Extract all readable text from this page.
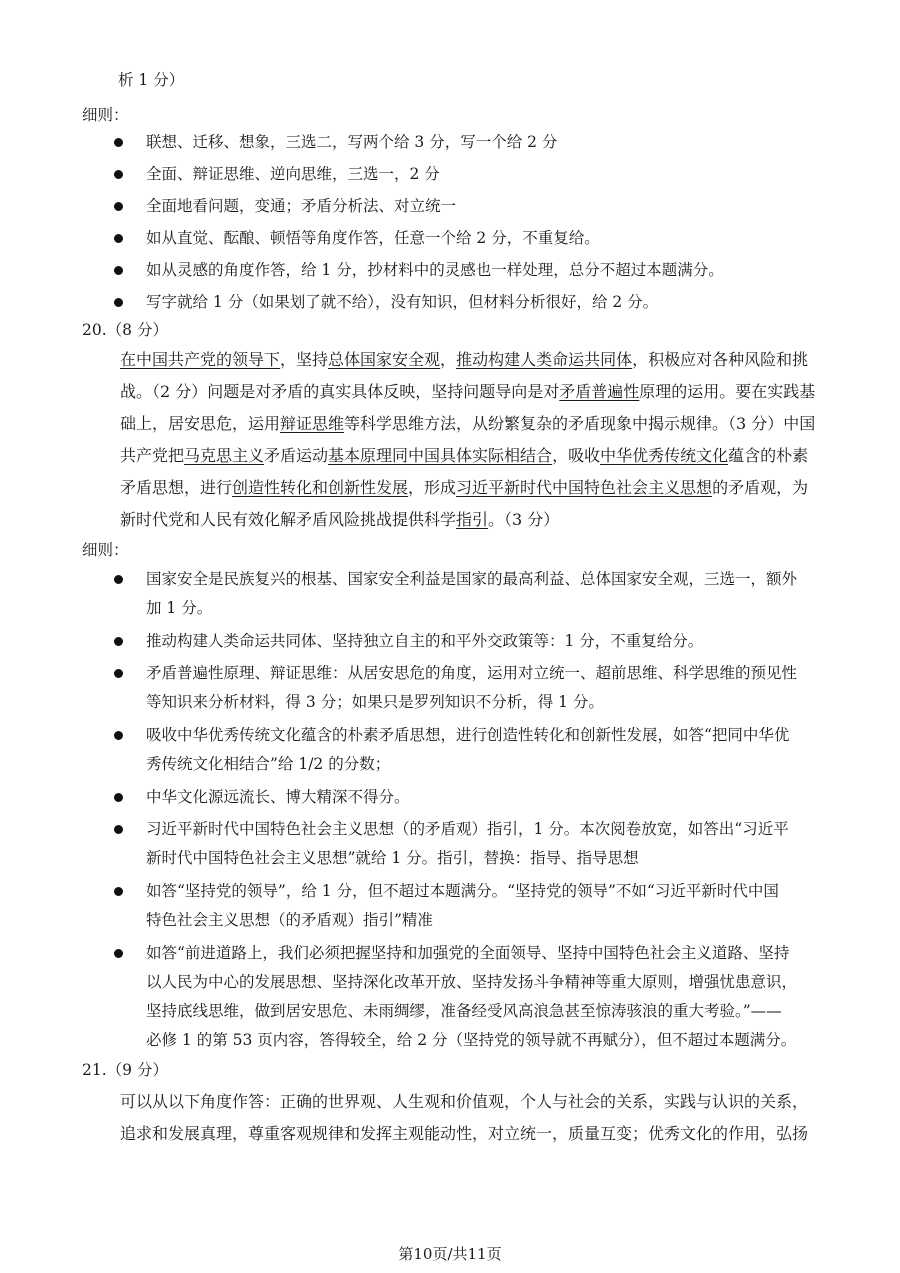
析 1 分）
细则：
联想、迁移、想象，三选二，写两个给 3 分，写一个给 2 分
全面、辩证思维、逆向思维，三选一，2 分
全面地看问题，变通；矛盾分析法、对立统一
如从直觉、酝酿、顿悟等角度作答，任意一个给 2 分，不重复给。
如从灵感的角度作答，给 1 分，抄材料中的灵感也一样处理，总分不超过本题满分。
写字就给 1 分（如果划了就不给），没有知识，但材料分析很好，给 2 分。
20.（8 分）
在中国共产党的领导下，坚持总体国家安全观，推动构建人类命运共同体，积极应对各种风险和挑
战。（2 分）问题是对矛盾的真实具体反映，坚持问题导向是对矛盾普遍性原理的运用。要在实践基
础上，居安思危，运用辩证思维等科学思维方法，从纷繁复杂的矛盾现象中揭示规律。（3 分）中国
共产党把马克思主义矛盾运动基本原理同中国具体实际相结合，吸收中华优秀传统文化蕴含的朴素
矛盾思想，进行创造性转化和创新性发展，形成习近平新时代中国特色社会主义思想的矛盾观，为
新时代党和人民有效化解矛盾风险挑战提供科学指引。（3 分）
细则：
国家安全是民族复兴的根基、国家安全利益是国家的最高利益、总体国家安全观，三选一，额外
加 1 分。
推动构建人类命运共同体、坚持独立自主的和平外交政策等：1 分，不重复给分。
矛盾普遍性原理、辩证思维：从居安思危的角度，运用对立统一、超前思维、科学思维的预见性
等知识来分析材料，得 3 分；如果只是罗列知识不分析，得 1 分。
吸收中华优秀传统文化蕴含的朴素矛盾思想，进行创造性转化和创新性发展，如答“把同中华优
秀传统文化相结合”给 1/2 的分数；
中华文化源远流长、博大精深不得分。
习近平新时代中国特色社会主义思想（的矛盾观）指引，1 分。本次阅卷放宽，如答出“习近平
新时代中国特色社会主义思想”就给 1 分。指引，替换：指导、指导思想
如答“坚持党的领导”，给 1 分，但不超过本题满分。“坚持党的领导”不如“习近平新时代中国
特色社会主义思想（的矛盾观）指引”精准
如答“前进道路上，我们必须把握坚持和加强党的全面领导、坚持中国特色社会主义道路、坚持
以人民为中心的发展思想、坚持深化改革开放、坚持发扬斗争精神等重大原则，增强忧患意识，
坚持底线思维，做到居安思危、未雨绸缪，准备经受风高浪急甚至惊涛骇浪的重大考验。”——
必修 1 的第 53 页内容，答得较全，给 2 分（坚持党的领导就不再赋分），但不超过本题满分。
21.（9 分）
可以从以下角度作答：正确的世界观、人生观和价值观，个人与社会的关系，实践与认识的关系，
追求和发展真理，尊重客观规律和发挥主观能动性，对立统一，质量互变；优秀文化的作用，弘扬
第10页/共11页
